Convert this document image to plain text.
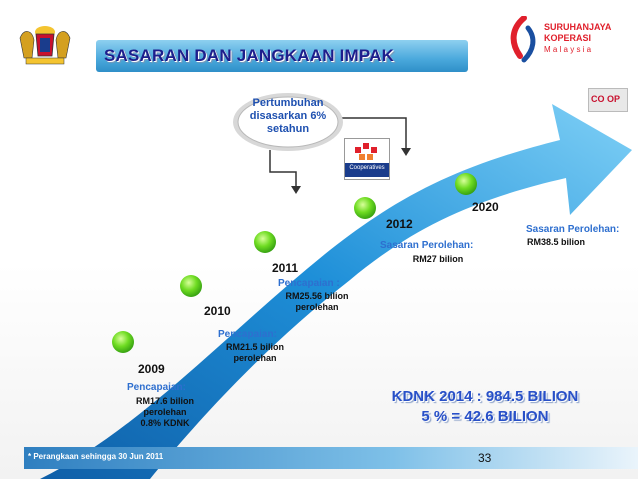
SURUHANJAYA
KOPERASI
M a l a y s i a
CO OP
SASARAN DAN JANGKAAN IMPAK
Pertumbuhan
disasarkan 6%
setahun
Cooperatives
2009
Pencapaian:
RM17.6 bilion
perolehan
0.8% KDNK
2010
Pencapaian:
RM21.5 bilion
perolehan
2011
Pencapaian :
RM25.56 bilion
perolehan
2012
Sasaran Perolehan:
RM27 bilion
2020
Sasaran Perolehan:
RM38.5 bilion
KDNK 2014 : 984.5 BILION
5 % = 42.6 BILION
* Perangkaan sehingga 30 Jun 2011	33
